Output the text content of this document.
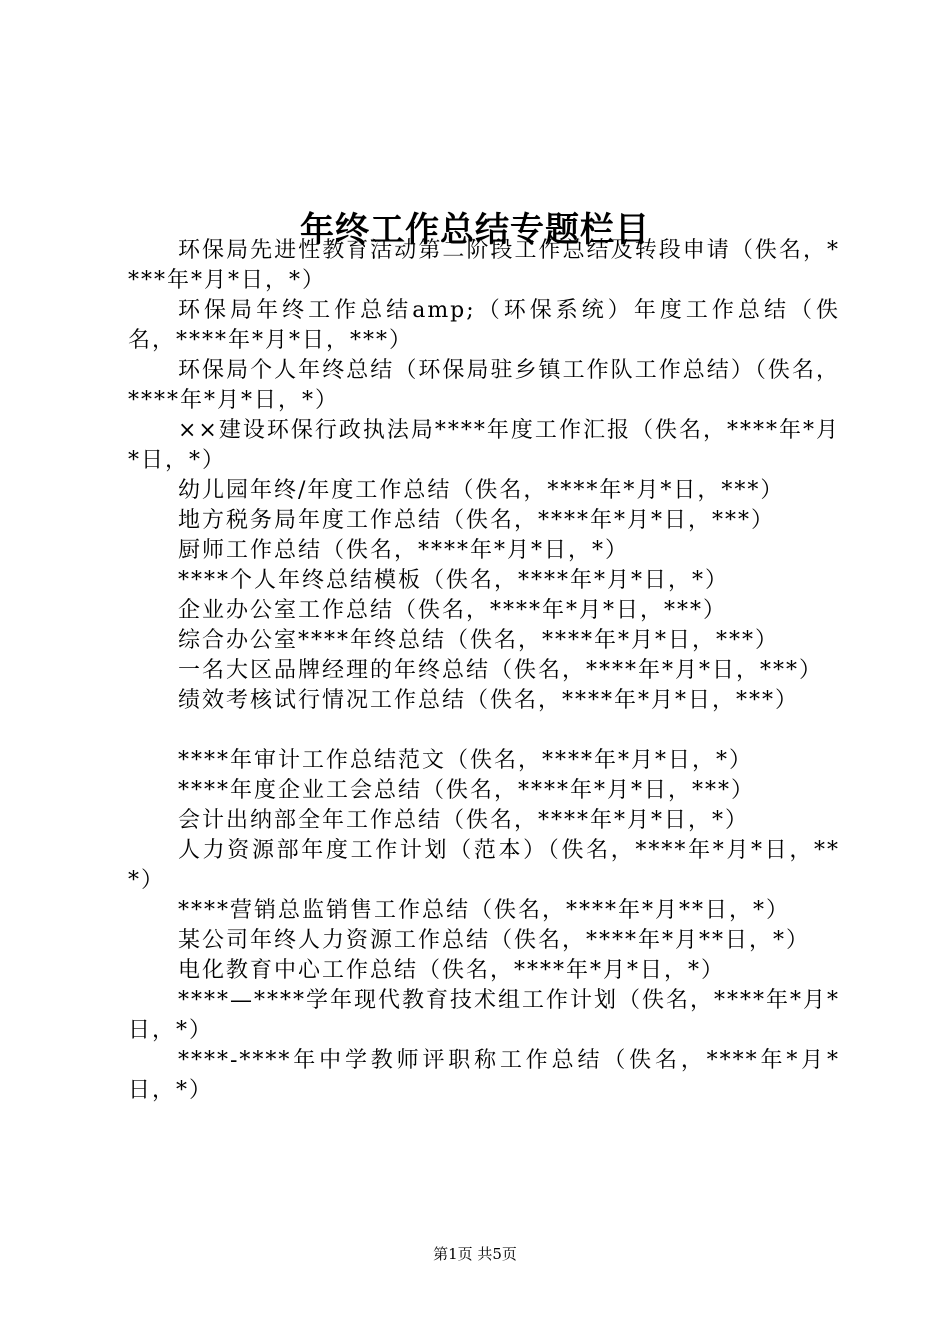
年终工作总结专题栏目
环保局先进性教育活动第二阶段工作总结及转段申请（佚名，****年*月*日，*）
环保局年终工作总结amp;（环保系统）年度工作总结（佚名，****年*月*日，***）
环保局个人年终总结（环保局驻乡镇工作队工作总结）（佚名，****年*月*日，*）
××建设环保行政执法局****年度工作汇报（佚名，****年*月*日，*）
幼儿园年终/年度工作总结（佚名，****年*月*日，***）
地方税务局年度工作总结（佚名，****年*月*日，***）
厨师工作总结（佚名，****年*月*日，*）
****个人年终总结模板（佚名，****年*月*日，*）
企业办公室工作总结（佚名，****年*月*日，***）
综合办公室****年终总结（佚名，****年*月*日，***）
一名大区品牌经理的年终总结（佚名，****年*月*日，***）
绩效考核试行情况工作总结（佚名，****年*月*日，***）
****年审计工作总结范文（佚名，****年*月*日，*）
****年度企业工会总结（佚名，****年*月*日，***）
会计出纳部全年工作总结（佚名，****年*月*日，*）
人力资源部年度工作计划（范本）（佚名，****年*月*日，***）
****营销总监销售工作总结（佚名，****年*月**日，*）
某公司年终人力资源工作总结（佚名，****年*月**日，*）
电化教育中心工作总结（佚名，****年*月*日，*）
****—****学年现代教育技术组工作计划（佚名，****年*月*日，*）
****-****年中学教师评职称工作总结（佚名，****年*月*日，*）
第1页 共5页
